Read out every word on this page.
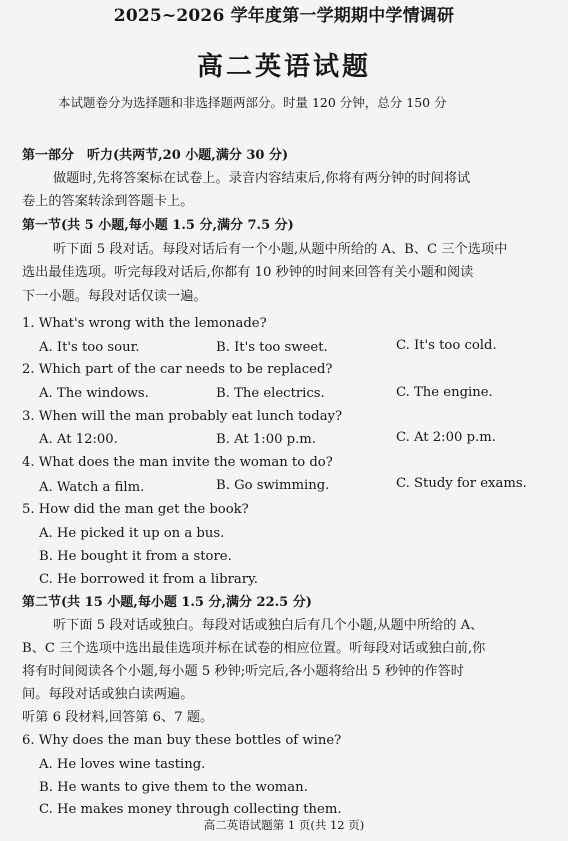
2025~2026 学年度第一学期期中学情调研
高二英语试题
本试题卷分为选择题和非选择题两部分。时量 120 分钟，总分 150 分
第一部分　听力(共两节,20 小题,满分 30 分)
做题时,先将答案标在试卷上。录音内容结束后,你将有两分钟的时间将试
卷上的答案转涂到答题卡上。
第一节(共 5 小题,每小题 1.5 分,满分 7.5 分)
听下面 5 段对话。每段对话后有一个小题,从题中所给的 A、B、C 三个选项中
选出最佳选项。听完每段对话后,你都有 10 秒钟的时间来回答有关小题和阅读
下一小题。每段对话仅读一遍。
1. What's wrong with the lemonade?
A. It's too sour.	B. It's too sweet.	C. It's too cold.
2. Which part of the car needs to be replaced?
A. The windows.	B. The electrics.	C. The engine.
3. When will the man probably eat lunch today?
A. At 12:00.	B. At 1:00 p.m.	C. At 2:00 p.m.
4. What does the man invite the woman to do?
A. Watch a film.	B. Go swimming.	C. Study for exams.
5. How did the man get the book?
A. He picked it up on a bus.
B. He bought it from a store.
C. He borrowed it from a library.
第二节(共 15 小题,每小题 1.5 分,满分 22.5 分)
听下面 5 段对话或独白。每段对话或独白后有几个小题,从题中所给的 A、
B、C 三个选项中选出最佳选项并标在试卷的相应位置。听每段对话或独白前,你
将有时间阅读各个小题,每小题 5 秒钟;听完后,各小题将给出 5 秒钟的作答时
间。每段对话或独白读两遍。
听第 6 段材料,回答第 6、7 题。
6. Why does the man buy these bottles of wine?
A. He loves wine tasting.
B. He wants to give them to the woman.
C. He makes money through collecting them.
高二英语试题第 1 页(共 12 页)
